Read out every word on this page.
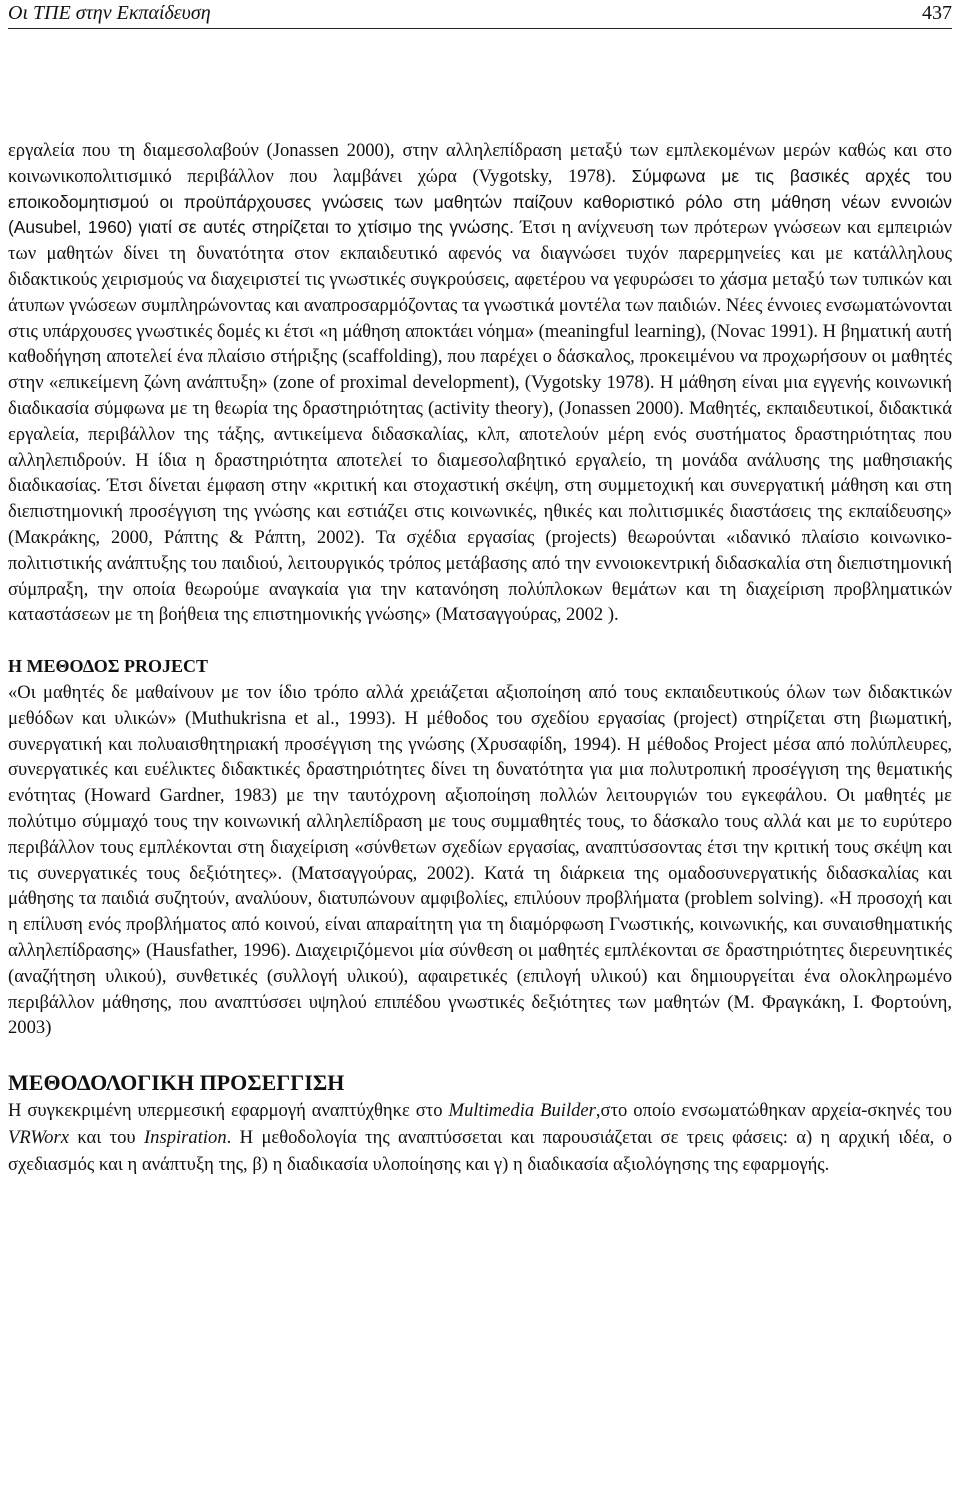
Οι ΤΠΕ στην Εκπαίδευση	437

εργαλεία που τη διαμεσολαβούν (Jonassen 2000), στην αλληλεπίδραση μεταξύ των εμπλεκομένων μερών καθώς και στο κοινωνικοπολιτισμικό περιβάλλον που λαμβάνει χώρα (Vygotsky, 1978). Σύμφωνα με τις βασικές αρχές του εποικοδομητισμού οι προϋπάρχουσες γνώσεις των μαθητών παίζουν καθοριστικό ρόλο στη μάθηση νέων εννοιών (Ausubel, 1960) γιατί σε αυτές στηρίζεται το χτίσιμο της γνώσης. Έτσι η ανίχνευση των πρότερων γνώσεων και εμπειριών των μαθητών δίνει τη δυνατότητα στον εκπαιδευτικό αφενός να διαγνώσει τυχόν παρερμηνείες και με κατάλληλους διδακτικούς χειρισμούς να διαχειριστεί τις γνωστικές συγκρούσεις, αφετέρου να γεφυρώσει το χάσμα μεταξύ των τυπικών και άτυπων γνώσεων συμπληρώνοντας και αναπροσαρμόζοντας τα γνωστικά μοντέλα των παιδιών. Νέες έννοιες ενσωματώνονται στις υπάρχουσες γνωστικές δομές κι έτσι «η μάθηση αποκτάει νόημα» (meaningful learning), (Novac 1991). Η βηματική αυτή καθοδήγηση αποτελεί ένα πλαίσιο στήριξης (scaffolding), που παρέχει ο δάσκαλος, προκειμένου να προχωρήσουν οι μαθητές στην «επικείμενη ζώνη ανάπτυξη» (zone of proximal development), (Vygotsky 1978). Η μάθηση είναι μια εγγενής κοινωνική διαδικασία σύμφωνα με τη θεωρία της δραστηριότητας (activity theory), (Jonassen 2000). Μαθητές, εκπαιδευτικοί, διδακτικά εργαλεία, περιβάλλον της τάξης, αντικείμενα διδασκαλίας, κλπ, αποτελούν μέρη ενός συστήματος δραστηριότητας που αλληλεπιδρούν. Η ίδια η δραστηριότητα αποτελεί το διαμεσολαβητικό εργαλείο, τη μονάδα ανάλυσης της μαθησιακής διαδικασίας. Έτσι δίνεται έμφαση στην «κριτική και στοχαστική σκέψη, στη συμμετοχική και συνεργατική μάθηση και στη διεπιστημονική προσέγγιση της γνώσης και εστιάζει στις κοινωνικές, ηθικές και πολιτισμικές διαστάσεις της εκπαίδευσης» (Μακράκης, 2000, Ράπτης & Ράπτη, 2002). Τα σχέδια εργασίας (projects) θεωρούνται «ιδανικό πλαίσιο κοινωνικο-πολιτιστικής ανάπτυξης του παιδιού, λειτουργικός τρόπος μετάβασης από την εννοιοκεντρική διδασκαλία στη διεπιστημονική σύμπραξη, την οποία θεωρούμε αναγκαία για την κατανόηση πολύπλοκων θεμάτων και τη διαχείριση προβληματικών καταστάσεων με τη βοήθεια της επιστημονικής γνώσης» (Ματσαγγούρας, 2002 ).

Η ΜΕΘΟΔΟΣ PROJECT

«Οι μαθητές δε μαθαίνουν με τον ίδιο τρόπο αλλά χρειάζεται αξιοποίηση από τους εκπαιδευτικούς όλων των διδακτικών μεθόδων και υλικών» (Muthukrisna et al., 1993). Η μέθοδος του σχεδίου εργασίας (project) στηρίζεται στη βιωματική, συνεργατική και πολυαισθητηριακή προσέγγιση της γνώσης (Χρυσαφίδη, 1994). Η μέθοδος Project μέσα από πολύπλευρες, συνεργατικές και ευέλικτες διδακτικές δραστηριότητες δίνει τη δυνατότητα για μια πολυτροπική προσέγγιση της θεματικής ενότητας (Howard Gardner, 1983) με την ταυτόχρονη αξιοποίηση πολλών λειτουργιών του εγκεφάλου. Οι μαθητές με πολύτιμο σύμμαχό τους την κοινωνική αλληλεπίδραση με τους συμμαθητές τους, το δάσκαλο τους αλλά και με το ευρύτερο περιβάλλον τους εμπλέκονται στη διαχείριση «σύνθετων σχεδίων εργασίας, αναπτύσσοντας έτσι την κριτική τους σκέψη και τις συνεργατικές τους δεξιότητες». (Ματσαγγούρας, 2002). Κατά τη διάρκεια της ομαδοσυνεργατικής διδασκαλίας και μάθησης τα παιδιά συζητούν, αναλύουν, διατυπώνουν αμφιβολίες, επιλύουν προβλήματα (problem solving). «Η προσοχή και η επίλυση ενός προβλήματος από κοινού, είναι απαραίτητη για τη διαμόρφωση Γνωστικής, κοινωνικής, και συναισθηματικής αλληλεπίδρασης» (Hausfather, 1996). Διαχειριζόμενοι μία σύνθεση οι μαθητές εμπλέκονται σε δραστηριότητες διερευνητικές (αναζήτηση υλικού), συνθετικές (συλλογή υλικού), αφαιρετικές (επιλογή υλικού) και δημιουργείται ένα ολοκληρωμένο περιβάλλον μάθησης, που αναπτύσσει υψηλού επιπέδου γνωστικές δεξιότητες των μαθητών (Μ. Φραγκάκη, Ι. Φορτούνη, 2003)

ΜΕΘΟΔΟΛΟΓΙΚΗ ΠΡΟΣΕΓΓΙΣΗ

Η συγκεκριμένη υπερμεσική εφαρμογή αναπτύχθηκε στο Multimedia Builder,στο οποίο ενσωματώθηκαν αρχεία-σκηνές του VRWorx και του Inspiration. Η μεθοδολογία της αναπτύσσεται και παρουσιάζεται σε τρεις φάσεις: α) η αρχική ιδέα, ο σχεδιασμός και η ανάπτυξη της, β) η διαδικασία υλοποίησης και γ) η διαδικασία αξιολόγησης της εφαρμογής.
